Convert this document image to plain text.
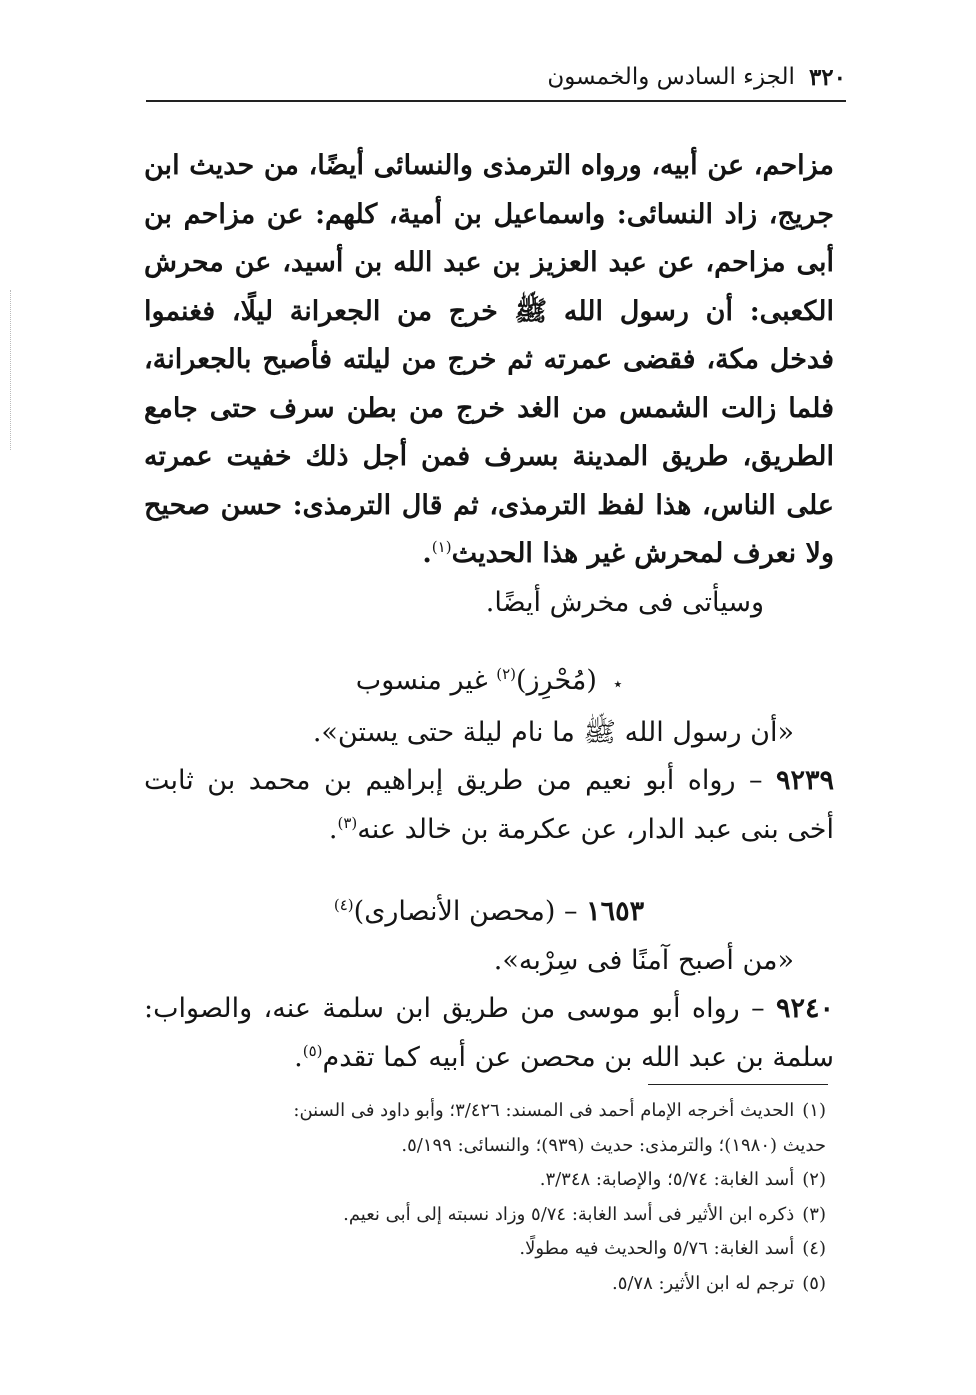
٣٢٠
الجزء السادس والخمسون
مزاحم، عن أبيه، ورواه الترمذى والنسائى أيضًا، من حديث ابن جريج، زاد النسائى: واسماعيل بن أمية، كلهم: عن مزاحم بن أبى مزاحم، عن عبد العزيز بن عبد الله بن أسيد، عن محرش الكعبى: أن رسول الله ﷺ خرج من الجعرانة ليلًا، فغنموا فدخل مكة، فقضى عمرته ثم خرج من ليلته فأصبح بالجعرانة، فلما زالت الشمس من الغد خرج من بطن سرف حتى جامع الطريق، طريق المدينة بسرف فمن أجل ذلك خفيت عمرته على الناس، هذا لفظ الترمذى، ثم قال الترمذى: حسن صحيح ولا نعرف لمحرش غير هذا الحديث$^{(١)}$.
وسيأتى فى مخرش أيضًا.
٭ (مُحْرِز)$^{(٢)}$ غير منسوب
«أن رسول الله ﷺ ما نام ليلة حتى يستن».
٩٢٣٩ – رواه أبو نعيم من طريق إبراهيم بن محمد بن ثابت أخى بنى عبد الدار، عن عكرمة بن خالد عنه$^{(٣)}$.
١٦٥٣ – (محصن الأنصارى)$^{(٤)}$
«من أصبح آمنًا فى سِرْبه».
٩٢٤٠ – رواه أبو موسى من طريق ابن سلمة عنه، والصواب: سلمة بن عبد الله بن محصن عن أبيه كما تقدم$^{(٥)}$.
(١)الحديث أخرجه الإمام أحمد فى المسند: ٣/٤٢٦؛ وأبو داود فى السنن:
حديث (١٩٨٠)؛ والترمذى: حديث (٩٣٩)؛ والنسائى: ٥/١٩٩.
(٢)أسد الغابة: ٥/٧٤؛ والإصابة: ٣/٣٤٨.
(٣)ذكره ابن الأثير فى أسد الغابة: ٥/٧٤ وزاد نسبته إلى أبى نعيم.
(٤)أسد الغابة: ٥/٧٦ والحديث فيه مطولًا.
(٥)ترجم له ابن الأثير: ٥/٧٨.
